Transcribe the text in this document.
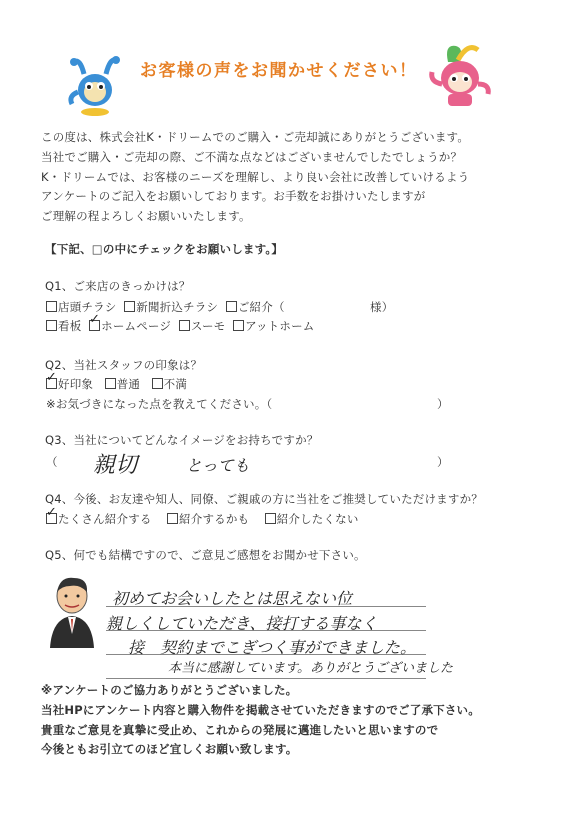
お客様の声をお聞かせください！
この度は、株式会社K・ドリームでのご購入・ご売却誠にありがとうございます。
当社でご購入・ご売却の際、ご不満な点などはございませんでしたでしょうか？
K・ドリームでは、お客様のニーズを理解し、より良い会社に改善していけるよう
アンケートのご記入をお願いしております。お手数をお掛けいたしますが
ご理解の程よろしくお願いいたします。
【下記、□の中にチェックをお願いします。】
Q1、ご来店のきっかけは？
店頭チラシ 新聞折込チラシ ご紹介（	様）
看板  ✓ ホームページ スーモ アットホーム
Q2、当社スタッフの印象は？
✓好印象 普通 不満
※お気づきになった点を教えてください。（	）
Q3、当社についてどんなイメージをお持ちですか？
（ 親切	とっても	）
Q4、今後、お友達や知人、同僚、ご親戚の方に当社をご推奨していただけますか？
✓たくさん紹介する 紹介するかも 紹介したくない
Q5、何でも結構ですので、ご意見ご感想をお聞かせ下さい。
初めてお会いしたとは思えない位
親しくしていただき、接打する事なく
接　契約までこぎつく事ができました。
本当に感謝しています。ありがとうございました
※アンケートのご協力ありがとうございました。
当社HPにアンケート内容と購入物件を掲載させていただきますのでご了承下さい。
貴重なご意見を真摯に受止め、これからの発展に邁進したいと思いますので
今後ともお引立てのほど宜しくお願い致します。
